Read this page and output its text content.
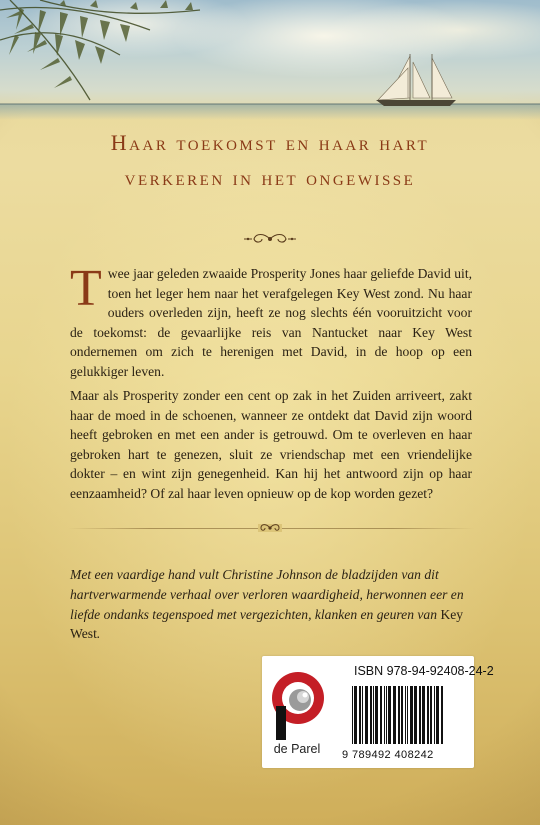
Haar toekomst en haar hart
verkeren in het ongewisse

Twee jaar geleden zwaaide Prosperity Jones haar geliefde David uit, toen het leger hem naar het verafgelegen Key West zond. Nu haar ouders overleden zijn, heeft ze nog slechts één vooruitzicht voor de toekomst: de gevaarlijke reis van Nantucket naar Key West ondernemen om zich te herenigen met David, in de hoop op een gelukkiger leven.

Maar als Prosperity zonder een cent op zak in het Zuiden arriveert, zakt haar de moed in de schoenen, wanneer ze ontdekt dat David zijn woord heeft gebroken en met een ander is getrouwd. Om te overleven en haar gebroken hart te genezen, sluit ze vriendschap met een vriendelijke dokter – en wint zijn genegenheid. Kan hij het antwoord zijn op haar eenzaamheid? Of zal haar leven opnieuw op de kop worden gezet?

Met een vaardige hand vult Christine Johnson de bladzijden van dit hartverwarmende verhaal over verloren waardigheid, herwonnen eer en liefde ondanks tegenspoed met vergezichten, klanken en geuren van Key West.

de Parel
ISBN 978-94-92408-24-2
9 789492 408242
